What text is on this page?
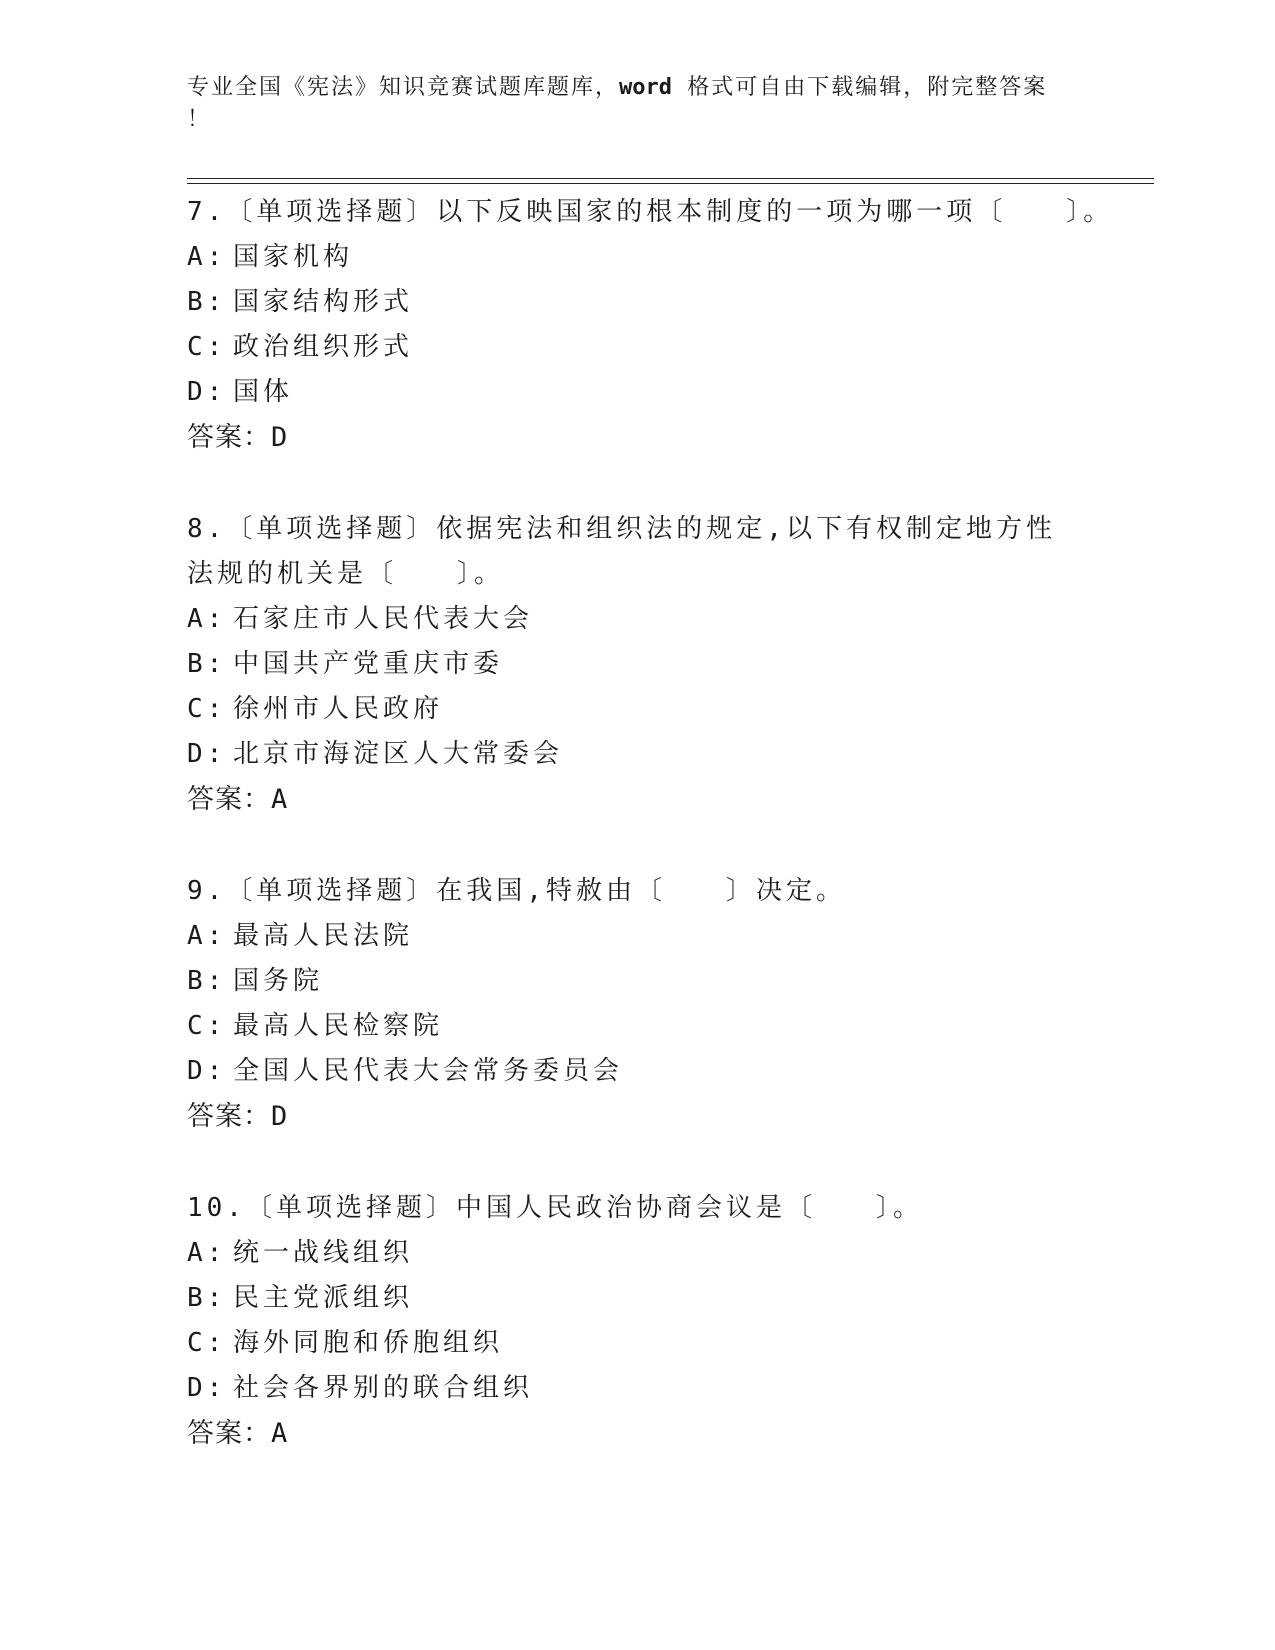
专业全国《宪法》知识竞赛试题库题库，word 格式可自由下载编辑，附完整答案
！

7.〔单项选择题〕以下反映国家的根本制度的一项为哪一项〔　　〕。

A: 国家机构

B: 国家结构形式

C: 政治组织形式

D: 国体

答案：D

8.〔单项选择题〕依据宪法和组织法的规定,以下有权制定地方性法规的机关是〔　　〕。

A: 石家庄市人民代表大会

B: 中国共产党重庆市委

C: 徐州市人民政府

D: 北京市海淀区人大常委会

答案：A

9.〔单项选择题〕在我国,特赦由〔　　〕决定。

A: 最高人民法院

B: 国务院

C: 最高人民检察院

D: 全国人民代表大会常务委员会

答案：D

10.〔单项选择题〕中国人民政治协商会议是〔　　〕。

A: 统一战线组织

B: 民主党派组织

C: 海外同胞和侨胞组织

D: 社会各界别的联合组织

答案：A
